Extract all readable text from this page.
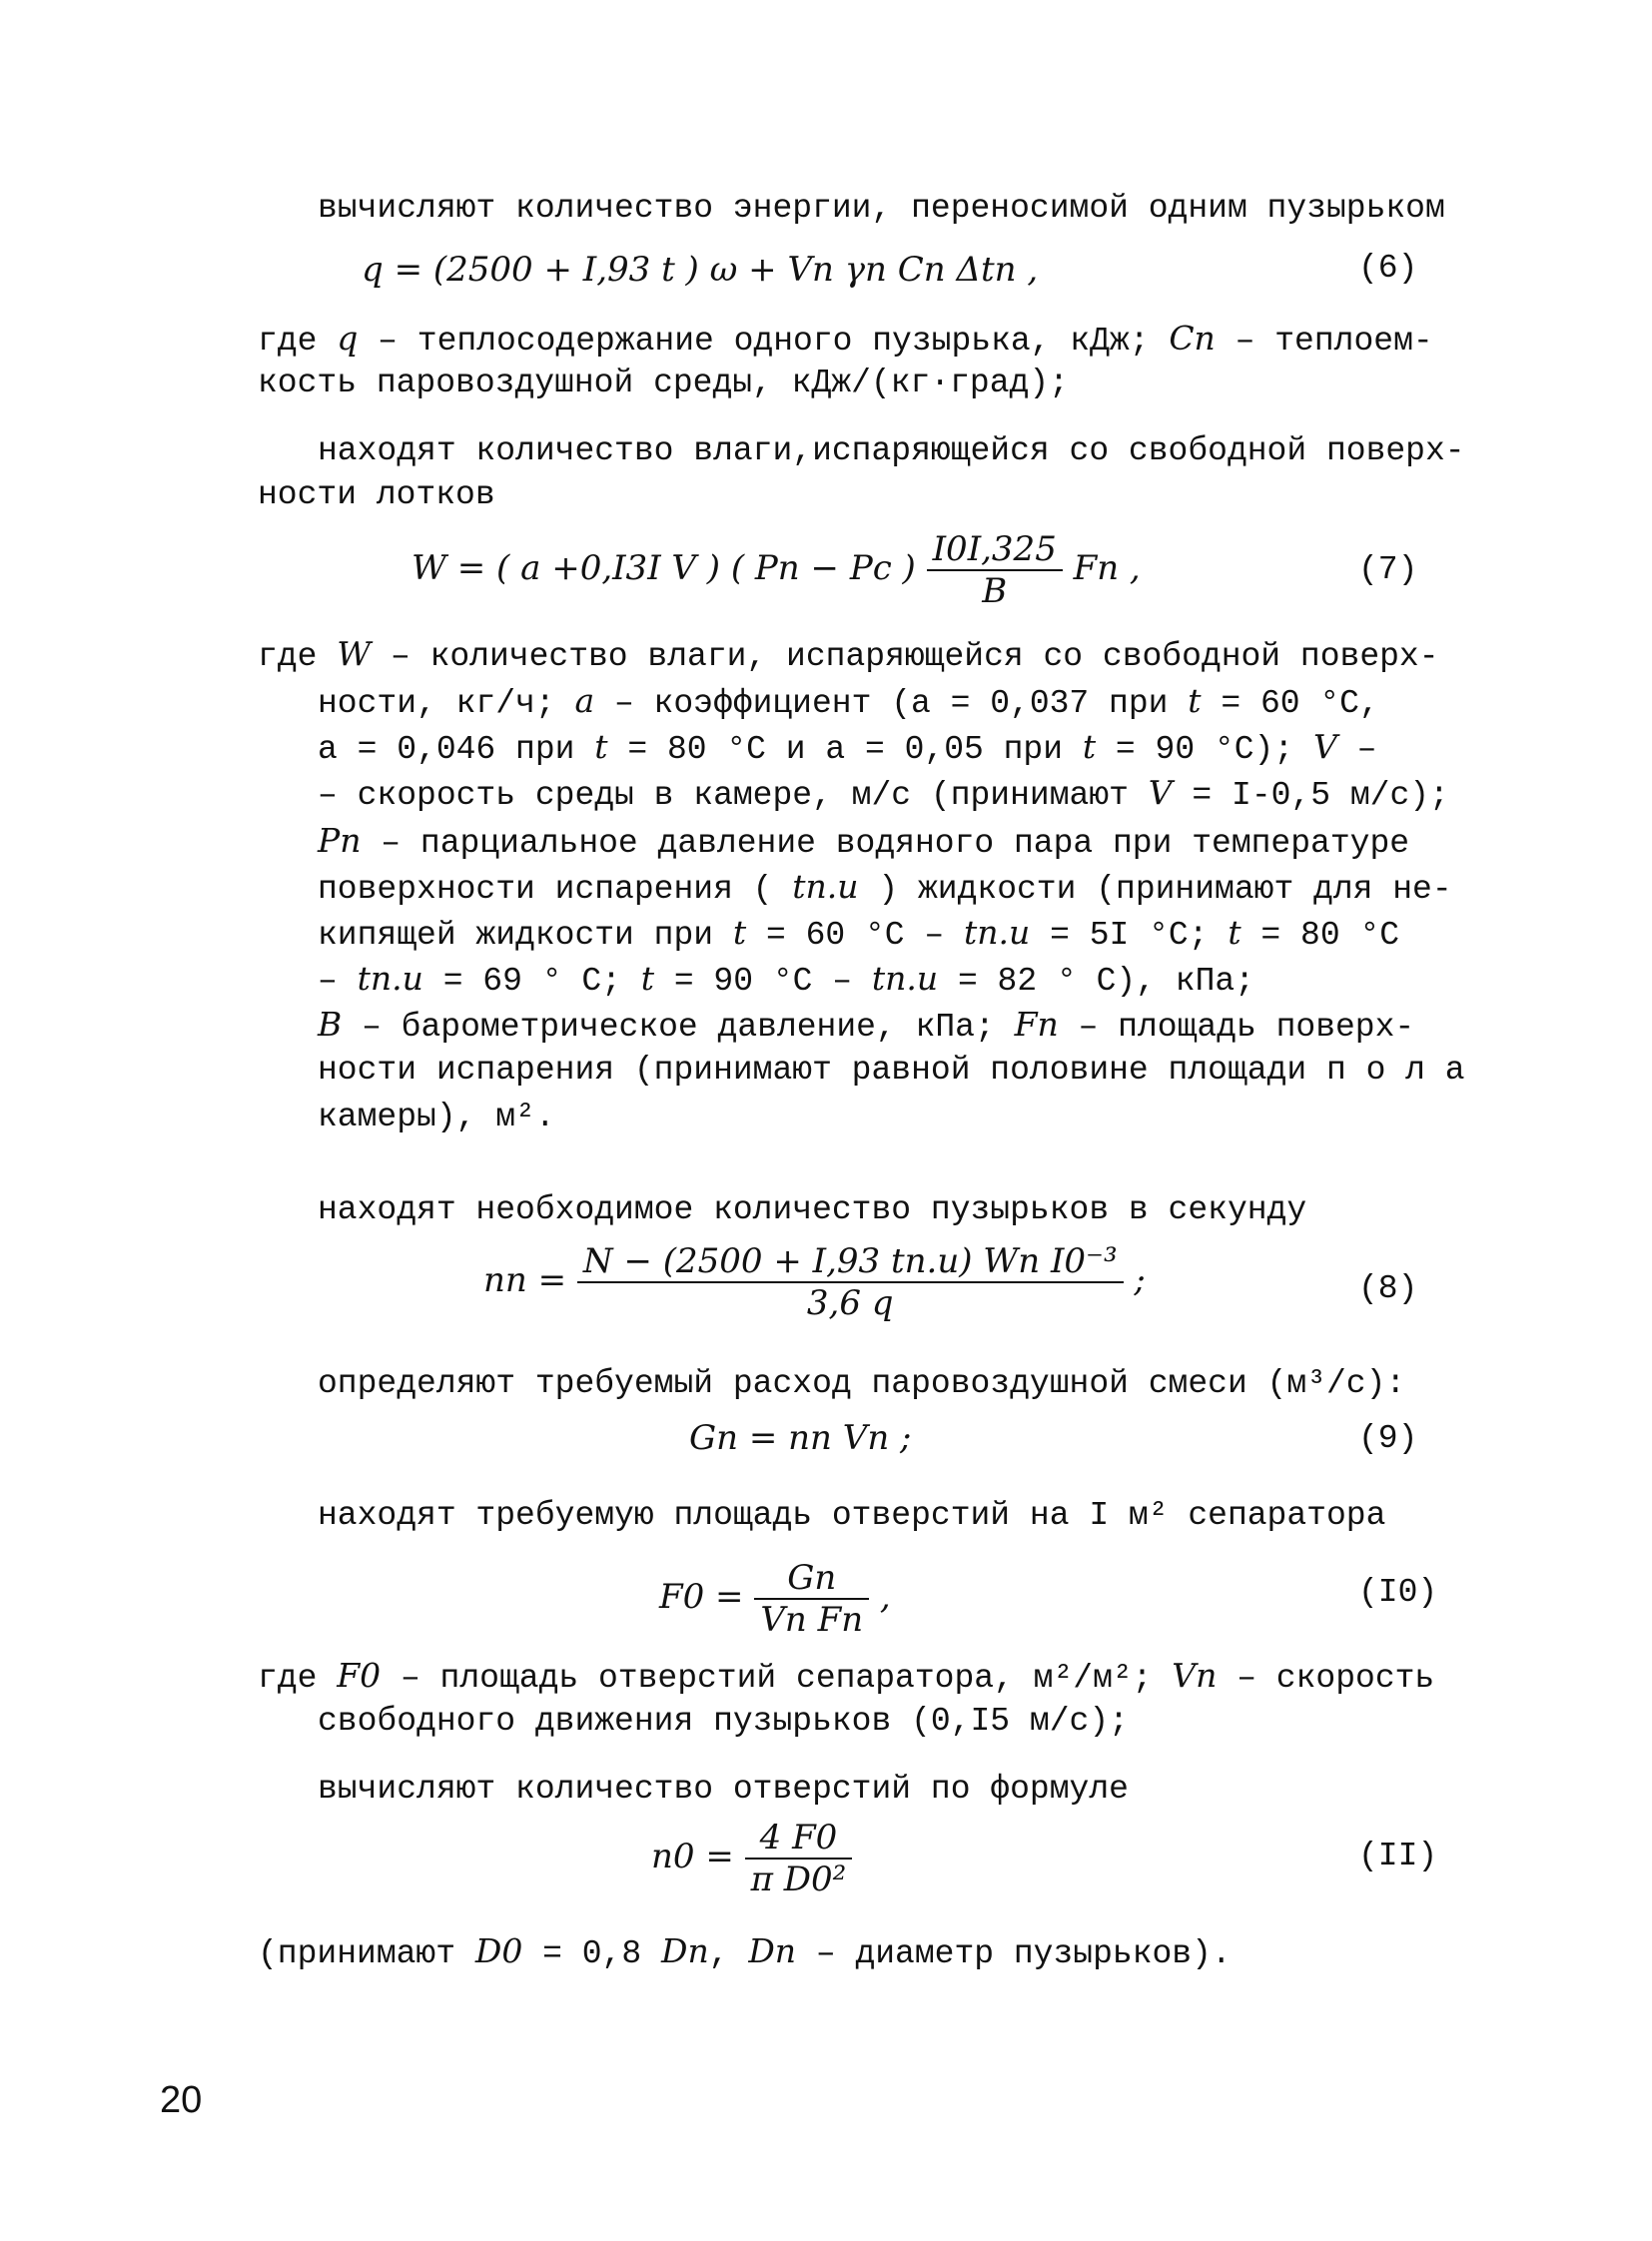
вычисляют количество энергии, переносимой одним пузырьком
q = (2500 + I,93 t ) ω + Vп γп Cп Δtп ,	(6)
где q – теплосодержание одного пузырька, кДж; Cп – теплоем-
кость паровоздушной среды, кДж/(кг·град);
находят количество влаги,испаряющейся со свободной поверх-
ности лотков
W = ( a +0,I3I V ) ( Pп − Pс ) $\frac{I0I,325}{B}$ Fп ,	(7)
где W – количество влаги, испаряющейся со свободной поверх-
ности, кг/ч; a – коэффициент (а = 0,037 при t = 60 °С,
а = 0,046 при t = 80 °С и а = 0,05 при t = 90 °С); V –
– скорость среды в камере, м/с (принимают V = I-0,5 м/с);
Pп – парциальное давление водяного пара при температуре
поверхности испарения ( tп.и ) жидкости (принимают для не-
кипящей жидкости при t = 60 °С – tп.и = 5I °С; t = 80 °С
– tп.и = 69 ° С; t = 90 °С – tп.и = 82 ° С), кПа;
B – барометрическое давление, кПа; Fп – площадь поверх-
ности испарения (принимают равной половине площади п о л а
камеры), м².
находят необходимое количество пузырьков в секунду
nп = $\frac{\text{N − (2500 + I,93 tп.и) Wп I0⁻³}}{3,6 q}$ ;	(8)
определяют требуемый расход паровоздушной смеси (м³/с):
Gп = nп Vп ;	(9)
находят требуемую площадь отверстий на I м² сепаратора
$F0 = \frac{Gп}{\text{Vп Fп}}$ ,	(I0)
где F0 – площадь отверстий сепаратора, м²/м²; Vп – скорость
свободного движения пузырьков (0,I5 м/с);
вычисляют количество отверстий по формуле
$n0 = \frac{4 F0}{\text{π D0²}}$	(II)
(принимают D0 = 0,8 Dп, Dп – диаметр пузырьков).
20
